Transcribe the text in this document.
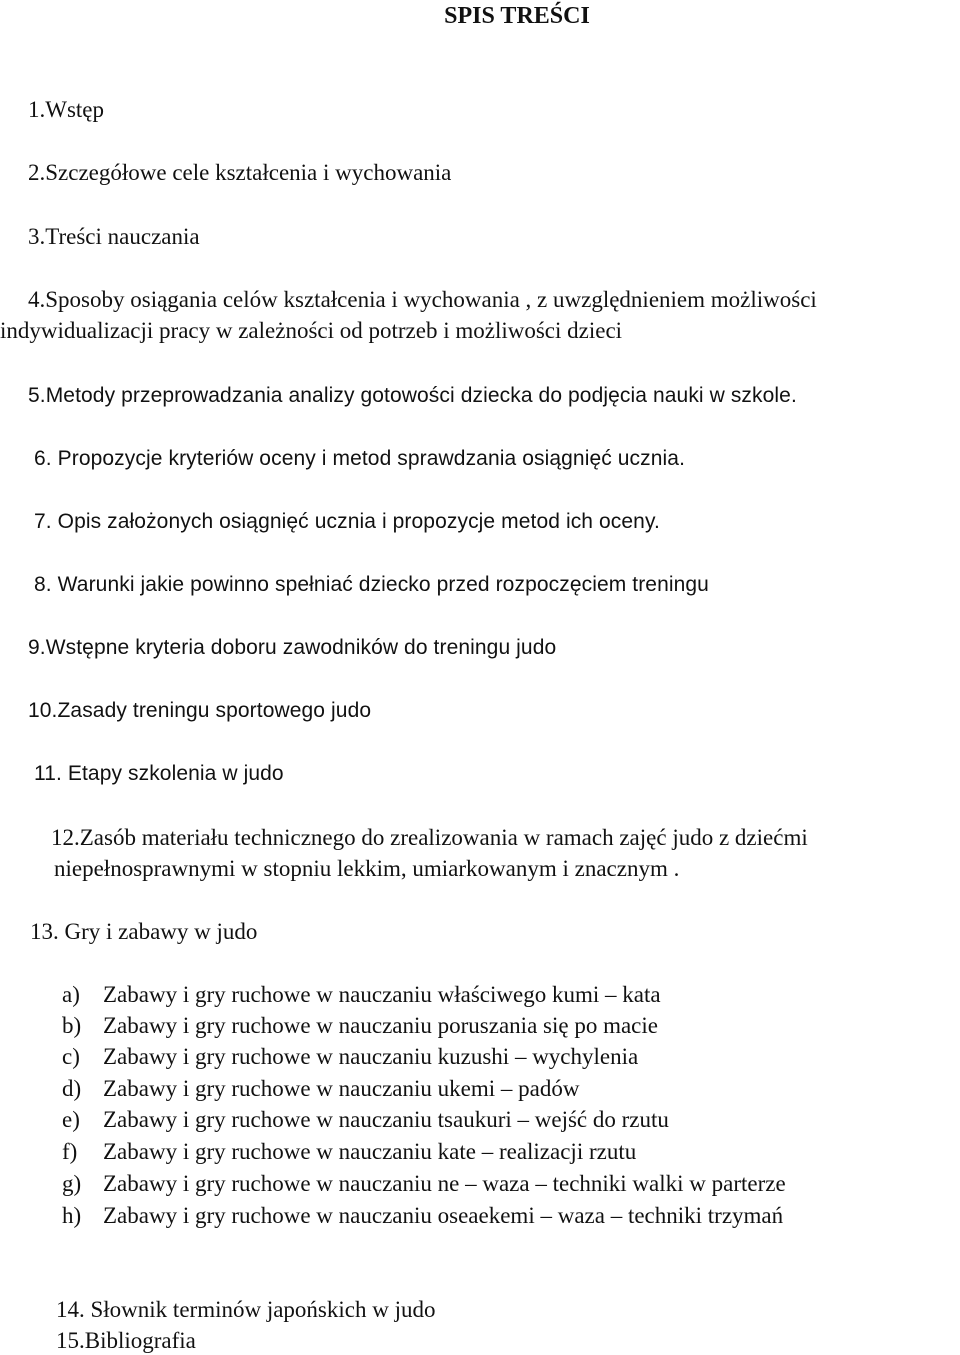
SPIS TREŚCI
1.Wstęp
2.Szczegółowe cele kształcenia i wychowania
3.Treści nauczania
4.Sposoby osiągania celów kształcenia i wychowania , z uwzględnieniem możliwości
indywidualizacji pracy w zależności od potrzeb i możliwości dzieci
5.Metody przeprowadzania analizy gotowości dziecka do podjęcia nauki w szkole.
6. Propozycje kryteriów oceny i metod sprawdzania osiągnięć ucznia.
7. Opis założonych osiągnięć ucznia i propozycje metod ich oceny.
8. Warunki jakie powinno spełniać dziecko przed rozpoczęciem treningu
9.Wstępne kryteria doboru zawodników do treningu judo
10.Zasady treningu sportowego judo
11. Etapy szkolenia w judo
12.Zasób materiału technicznego do zrealizowania w ramach zajęć judo z dziećmi
niepełnosprawnymi w stopniu lekkim, umiarkowanym i znacznym .
13. Gry i zabawy w judo
a) Zabawy i gry ruchowe w nauczaniu właściwego kumi – kata
b) Zabawy i gry ruchowe w nauczaniu poruszania się po macie
c) Zabawy i gry ruchowe w nauczaniu kuzushi – wychylenia
d) Zabawy i gry ruchowe w nauczaniu ukemi – padów
e) Zabawy i gry ruchowe w nauczaniu tsaukuri – wejść do rzutu
f) Zabawy i gry ruchowe w nauczaniu kate – realizacji rzutu
g) Zabawy i gry ruchowe w nauczaniu ne – waza – techniki walki w parterze
h) Zabawy i gry ruchowe w nauczaniu oseaekemi – waza – techniki trzymań
14. Słownik terminów japońskich w judo
15.Bibliografia
